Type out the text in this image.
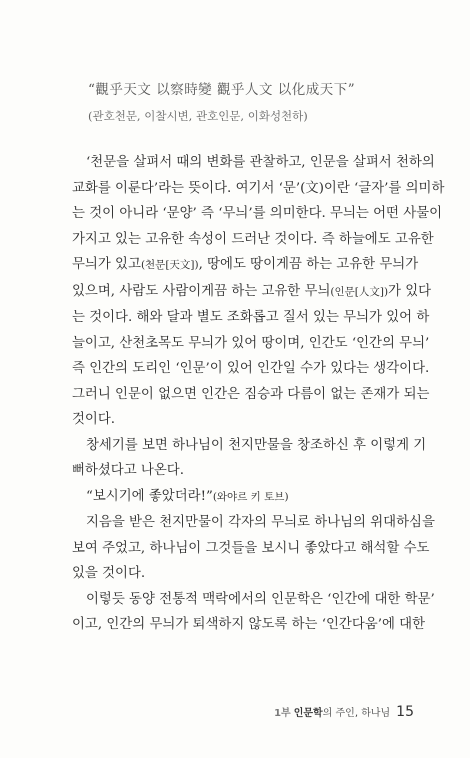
“觀乎天文 以察時變 觀乎人文 以化成天下”

(관호천문, 이찰시변, 관호인문, 이화성천하)

‘천문을 살펴서 때의 변화를 관찰하고, 인문을 살펴서 천하의
교화를 이룬다’라는 뜻이다. 여기서 ‘문’(文)이란 ‘글자’를 의미하
는 것이 아니라 ‘문양’ 즉 ‘무늬’를 의미한다. 무늬는 어떤 사물이
가지고 있는 고유한 속성이 드러난 것이다. 즉 하늘에도 고유한
무늬가 있고(천문[天文]), 땅에도 땅이게끔 하는 고유한 무늬가
있으며, 사람도 사람이게끔 하는 고유한 무늬(인문[人文])가 있다
는 것이다. 해와 달과 별도 조화롭고 질서 있는 무늬가 있어 하
늘이고, 산천초목도 무늬가 있어 땅이며, 인간도 ‘인간의 무늬’
즉 인간의 도리인 ‘인문’이 있어 인간일 수가 있다는 생각이다.
그러니 인문이 없으면 인간은 짐승과 다름이 없는 존재가 되는
것이다.
창세기를 보면 하나님이 천지만물을 창조하신 후 이렇게 기
뻐하셨다고 나온다.
“보시기에 좋았더라!”(와야르 키 토브)
지음을 받은 천지만물이 각자의 무늬로 하나님의 위대하심을
보여 주었고, 하나님이 그것들을 보시니 좋았다고 해석할 수도
있을 것이다.
이렇듯 동양 전통적 맥락에서의 인문학은 ‘인간에 대한 학문’
이고, 인간의 무늬가 퇴색하지 않도록 하는 ‘인간다움’에 대한
1부 인문학의 주인, 하나님 15
